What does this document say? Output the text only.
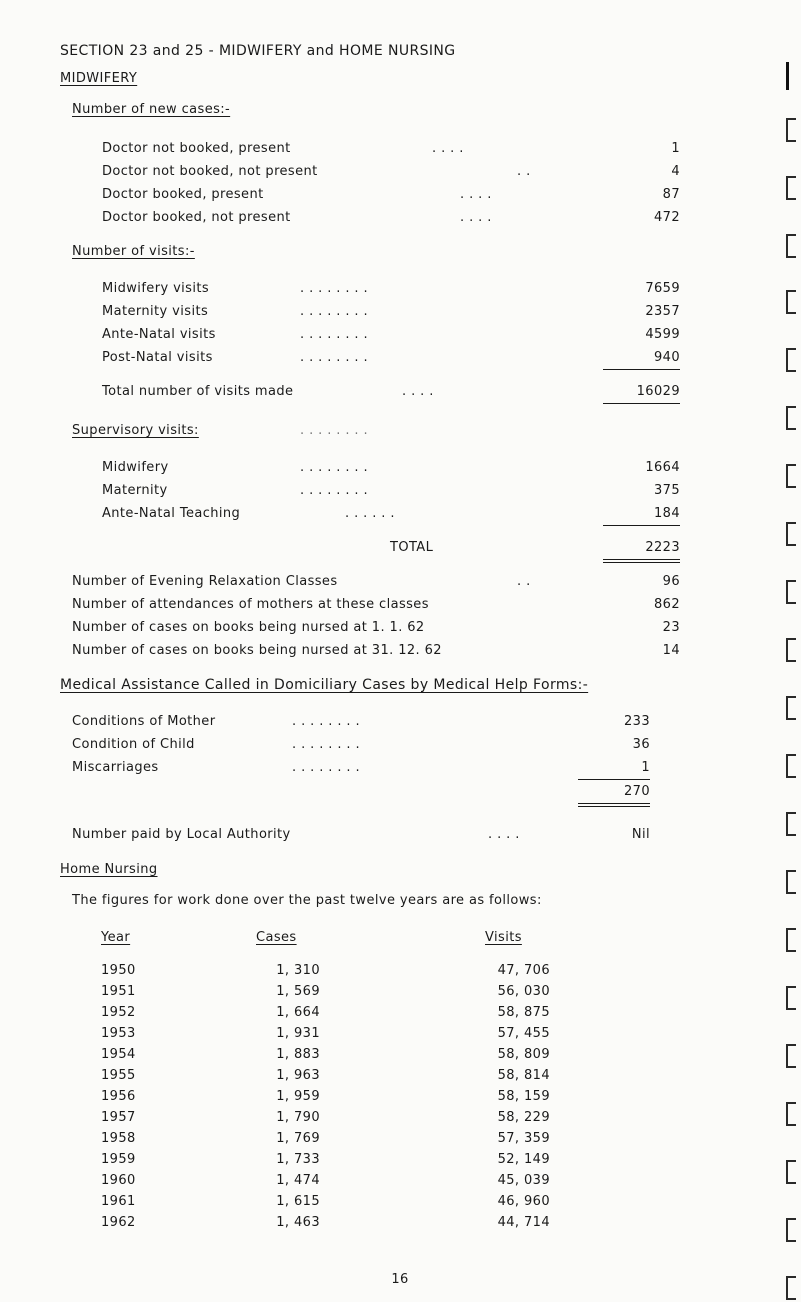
SECTION 23 and 25 - MIDWIFERY and HOME NURSING
MIDWIFERY
Number of new cases:-
Doctor not booked, present	. . . .	1
Doctor not booked, not present	. .	4
Doctor booked, present	. . . .	87
Doctor booked, not present	. . . .	472
Number of visits:-
Midwifery visits	. . . . . . . .	7659
Maternity visits	. . . . . . . .	2357
Ante-Natal visits	. . . . . . . .	4599
Post-Natal visits	. . . . . . . .	940
Total number of visits made	. . . .	16029
Supervisory visits:	. . . . . . . .
Midwifery	. . . . . . . .	1664
Maternity	. . . . . . . .	375
Ante-Natal Teaching	. . . . . .	184
TOTAL	2223
Number of Evening Relaxation Classes	. .	96
Number of attendances of mothers at these classes	862
Number of cases on books being nursed at 1. 1. 62	23
Number of cases on books being nursed at 31. 12. 62	14
Medical Assistance Called in Domiciliary Cases by Medical Help Forms:-
Conditions of Mother	. . . . . . . .	233
Condition of Child	. . . . . . . .	36
Miscarriages	. . . . . . . .	1
270
Number paid by Local Authority	. . . .	Nil
Home Nursing
The figures for work done over the past twelve years are as follows:
Year	Cases	Visits
1950	1, 310	47, 706
1951	1, 569	56, 030
1952	1, 664	58, 875
1953	1, 931	57, 455
1954	1, 883	58, 809
1955	1, 963	58, 814
1956	1, 959	58, 159
1957	1, 790	58, 229
1958	1, 769	57, 359
1959	1, 733	52, 149
1960	1, 474	45, 039
1961	1, 615	46, 960
1962	1, 463	44, 714
16
